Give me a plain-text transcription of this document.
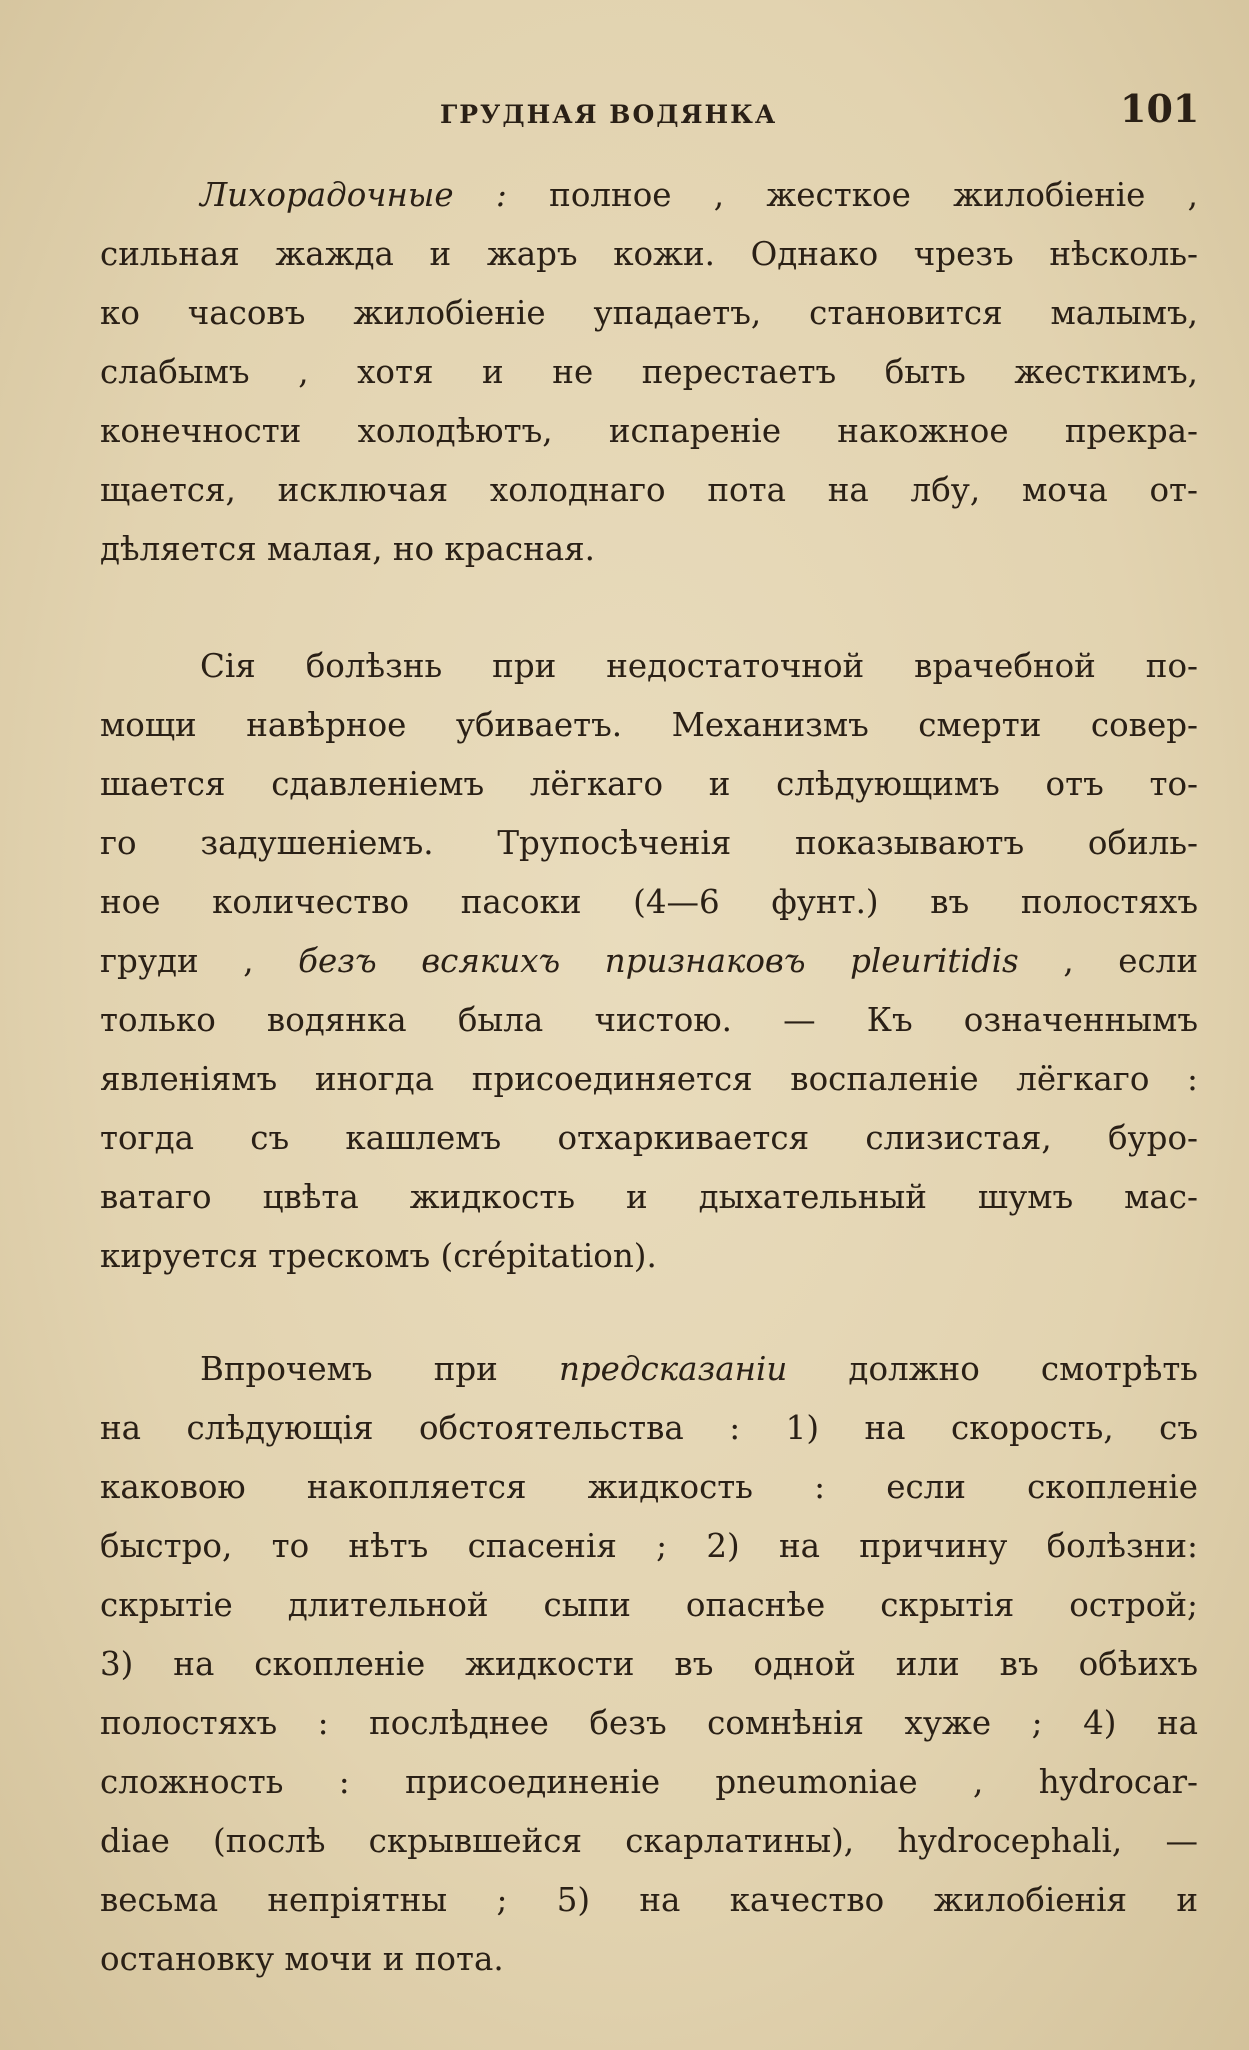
ГРУДНАЯ ВОДЯНКА	101
Лихорадочные : полное , жесткое жилобіеніе ,
сильная жажда и жаръ кожи. Однако чрезъ нѣсколь-
ко часовъ жилобіеніе упадаетъ, становится малымъ,
слабымъ , хотя и не перестаетъ быть жесткимъ,
конечности холодѣютъ, испареніе накожное прекра-
щается, исключая холоднаго пота на лбу, моча от-
дѣляется малая, но красная.
Сія болѣзнь при недостаточной врачебной по-
мощи навѣрное убиваетъ. Механизмъ смерти совер-
шается сдавленіемъ лёгкаго и слѣдующимъ отъ то-
го задушеніемъ. Трупосѣченія показываютъ обиль-
ное количество пасоки (4—6 фунт.) въ полостяхъ
груди , безъ всякихъ признаковъ pleuritidis , если
только водянка была чистою. — Къ означеннымъ
явленіямъ иногда присоединяется воспаленіе лёгкаго :
тогда съ кашлемъ отхаркивается слизистая, буро-
ватаго цвѣта жидкость и дыхательный шумъ мас-
кируется трескомъ (crépitation).
Впрочемъ при предсказаніи должно смотрѣть
на слѣдующія обстоятельства : 1) на скорость, съ
каковою накопляется жидкость : если скопленіе
быстро, то нѣтъ спасенія ; 2) на причину болѣзни:
скрытіе длительной сыпи опаснѣе скрытія острой;
3) на скопленіе жидкости въ одной или въ обѣихъ
полостяхъ : послѣднее безъ сомнѣнія хуже ; 4) на
сложность : присоединеніе pneumoniae , hydrocar-
diae (послѣ скрывшейся скарлатины), hydrocephali, —
весьма непріятны ; 5) на качество жилобіенія и
остановку мочи и пота.
